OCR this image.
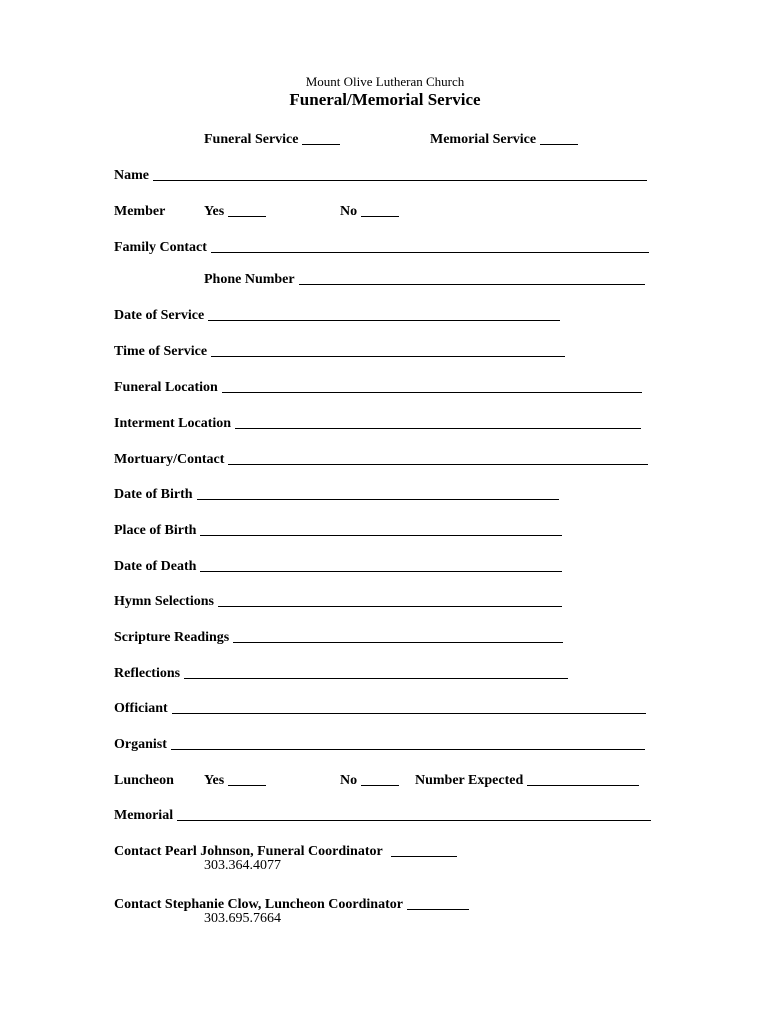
Mount Olive Lutheran Church
Funeral/Memorial Service
Funeral Service	Memorial Service
Name
Member	Yes	No
Family Contact
Phone Number
Date of Service
Time of Service
Funeral Location
Interment Location
Mortuary/Contact
Date of Birth
Place of Birth
Date of Death
Hymn Selections
Scripture Readings
Reflections
Officiant
Organist
Luncheon Yes	No	Number Expected
Memorial
Contact Pearl Johnson, Funeral Coordinator
303.364.4077
Contact Stephanie Clow, Luncheon Coordinator
303.695.7664
